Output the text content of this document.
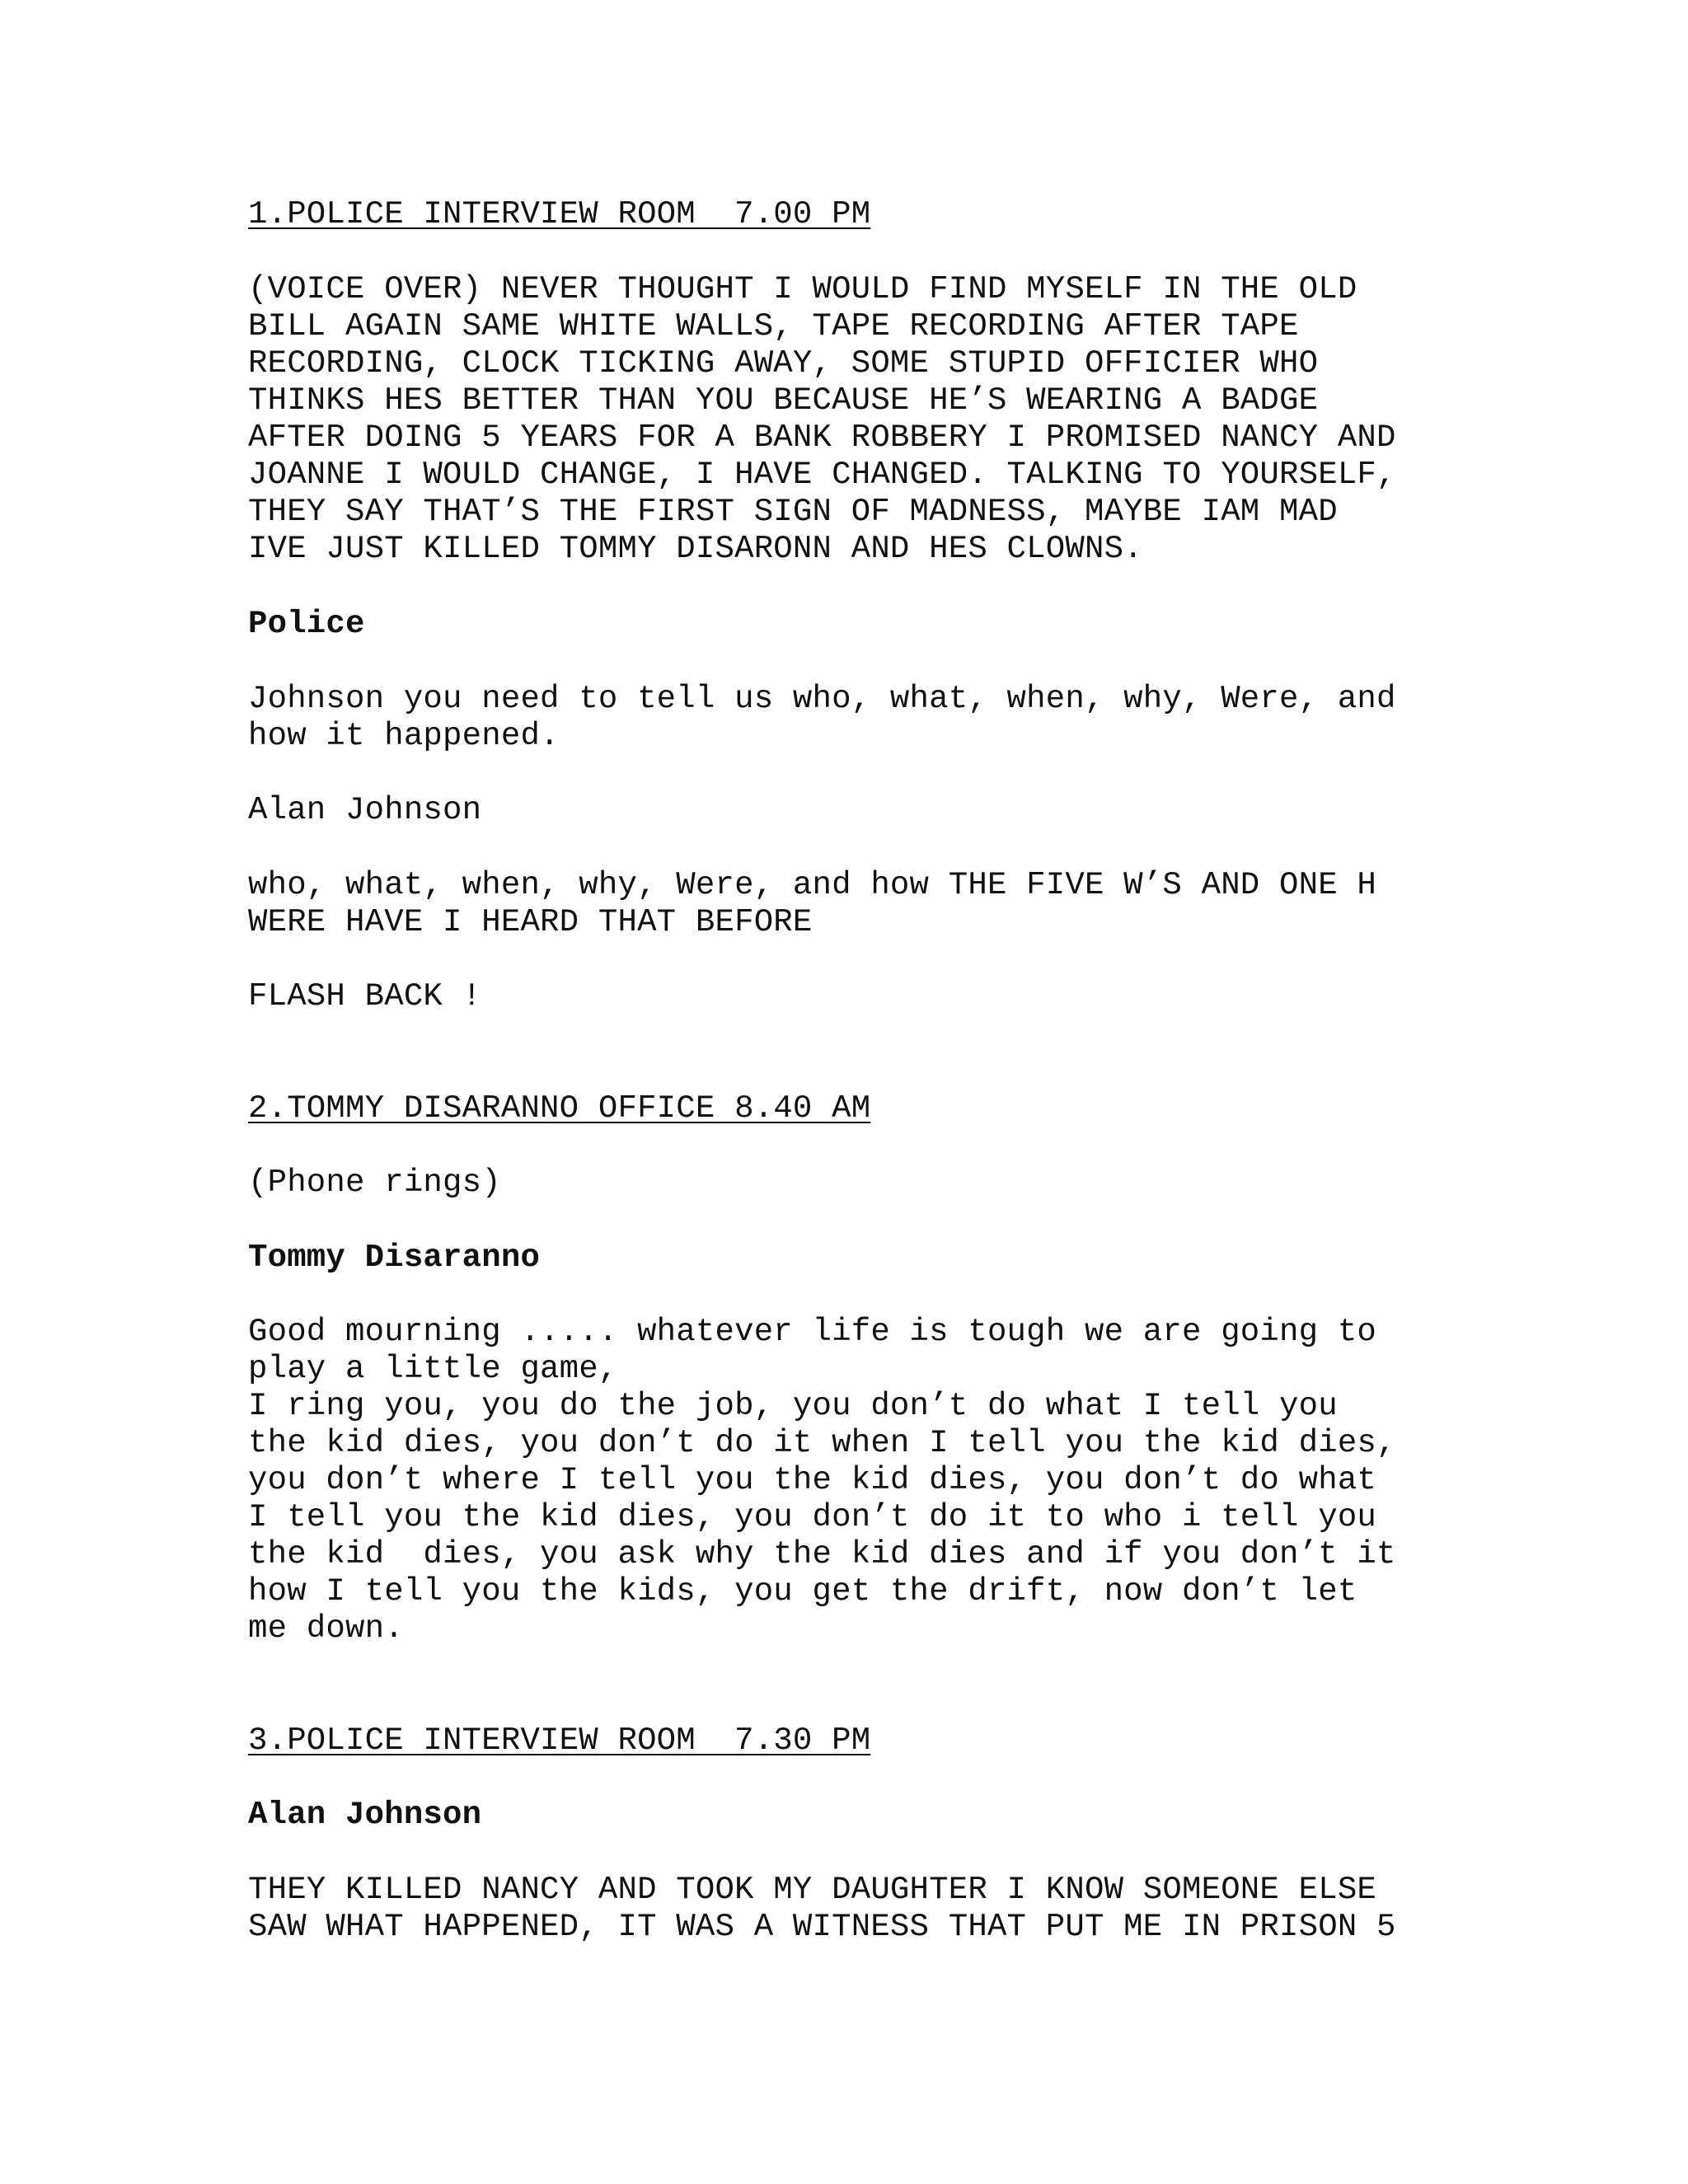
1.POLICE INTERVIEW ROOM  7.00 PM
(VOICE OVER) NEVER THOUGHT I WOULD FIND MYSELF IN THE OLD
BILL AGAIN SAME WHITE WALLS, TAPE RECORDING AFTER TAPE
RECORDING, CLOCK TICKING AWAY, SOME STUPID OFFICIER WHO
THINKS HES BETTER THAN YOU BECAUSE HE’S WEARING A BADGE
AFTER DOING 5 YEARS FOR A BANK ROBBERY I PROMISED NANCY AND
JOANNE I WOULD CHANGE, I HAVE CHANGED. TALKING TO YOURSELF,
THEY SAY THAT’S THE FIRST SIGN OF MADNESS, MAYBE IAM MAD
IVE JUST KILLED TOMMY DISARONN AND HES CLOWNS.
Police
Johnson you need to tell us who, what, when, why, Were, and
how it happened.
Alan Johnson
who, what, when, why, Were, and how THE FIVE W’S AND ONE H
WERE HAVE I HEARD THAT BEFORE
FLASH BACK !
2.TOMMY DISARANNO OFFICE 8.40 AM
(Phone rings)
Tommy Disaranno
Good mourning ..... whatever life is tough we are going to
play a little game,
I ring you, you do the job, you don’t do what I tell you
the kid dies, you don’t do it when I tell you the kid dies,
you don’t where I tell you the kid dies, you don’t do what
I tell you the kid dies, you don’t do it to who i tell you
the kid  dies, you ask why the kid dies and if you don’t it
how I tell you the kids, you get the drift, now don’t let
me down.
3.POLICE INTERVIEW ROOM  7.30 PM
Alan Johnson
THEY KILLED NANCY AND TOOK MY DAUGHTER I KNOW SOMEONE ELSE
SAW WHAT HAPPENED, IT WAS A WITNESS THAT PUT ME IN PRISON 5
